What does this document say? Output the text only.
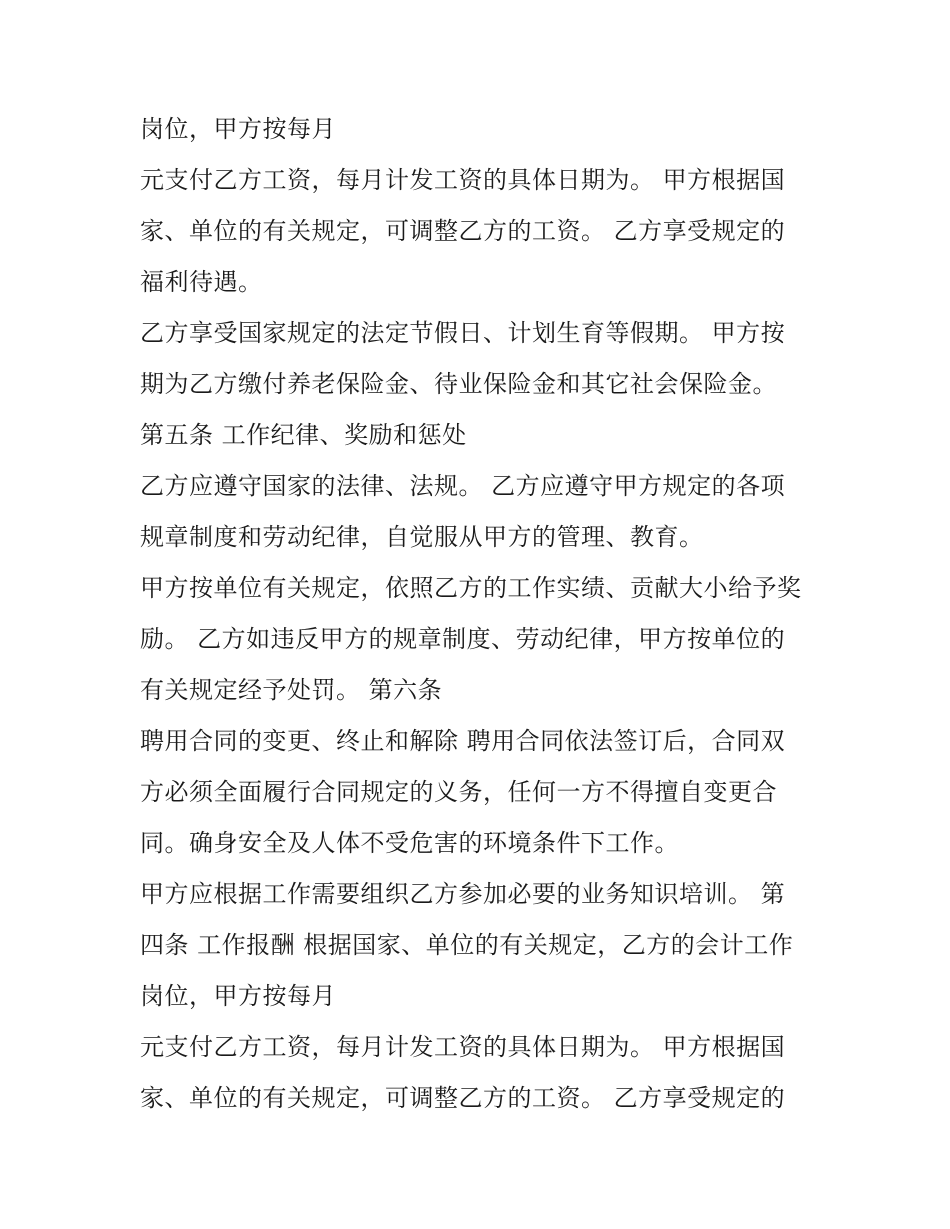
岗位，甲方按每月
元支付乙方工资，每月计发工资的具体日期为。 甲方根据国
家、单位的有关规定，可调整乙方的工资。 乙方享受规定的
福利待遇。
乙方享受国家规定的法定节假日、计划生育等假期。 甲方按
期为乙方缴付养老保险金、待业保险金和其它社会保险金。
第五条 工作纪律、奖励和惩处
乙方应遵守国家的法律、法规。 乙方应遵守甲方规定的各项
规章制度和劳动纪律，自觉服从甲方的管理、教育。
甲方按单位有关规定，依照乙方的工作实绩、贡献大小给予奖
励。 乙方如违反甲方的规章制度、劳动纪律，甲方按单位的
有关规定经予处罚。 第六条
聘用合同的变更、终止和解除 聘用合同依法签订后，合同双
方必须全面履行合同规定的义务，任何一方不得擅自变更合
同。确身安全及人体不受危害的环境条件下工作。
甲方应根据工作需要组织乙方参加必要的业务知识培训。 第
四条 工作报酬 根据国家、单位的有关规定，乙方的会计工作
岗位，甲方按每月
元支付乙方工资，每月计发工资的具体日期为。 甲方根据国
家、单位的有关规定，可调整乙方的工资。 乙方享受规定的
